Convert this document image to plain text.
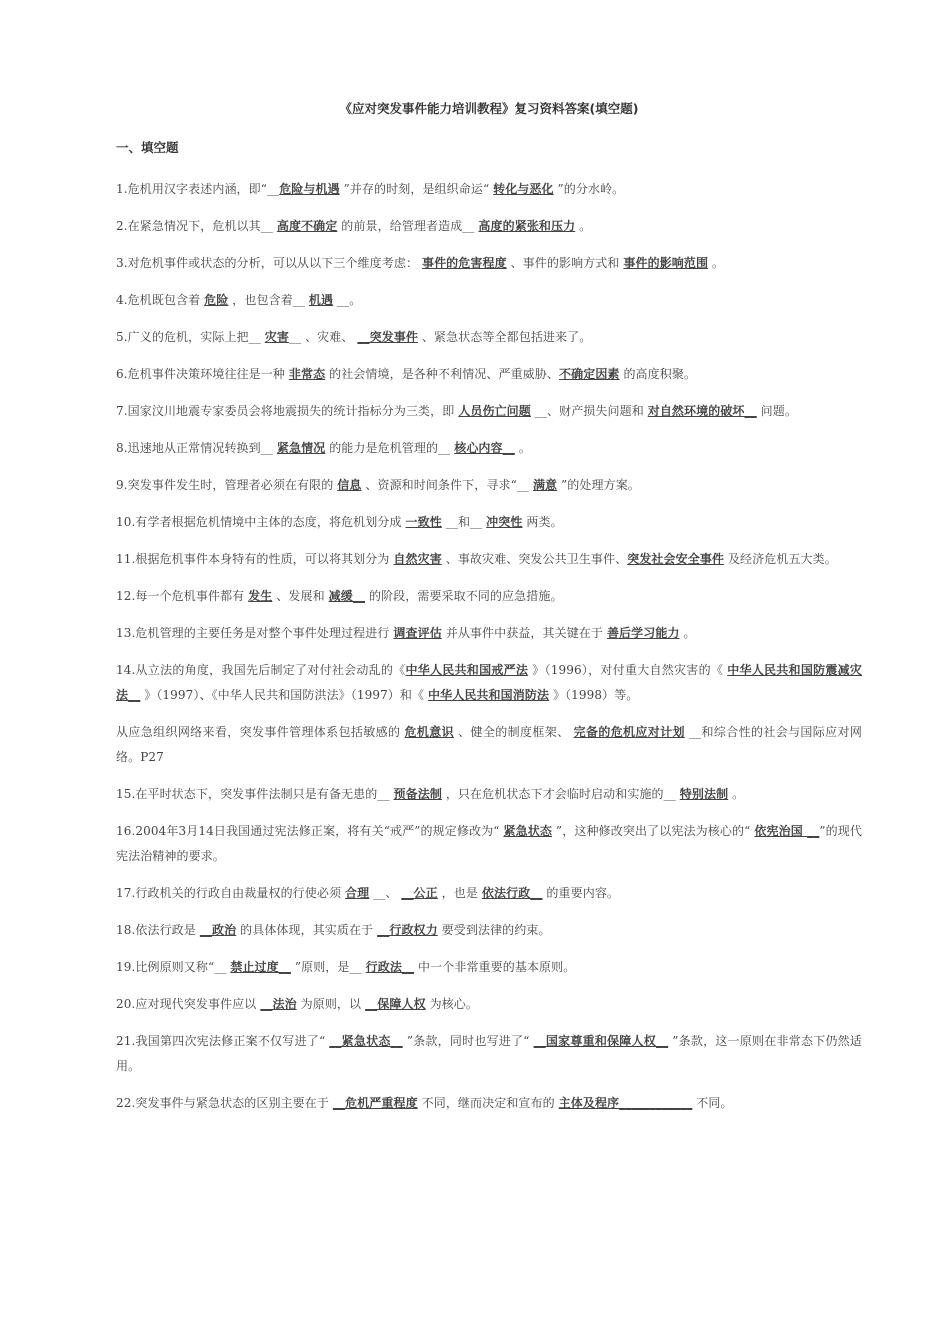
《应对突发事件能力培训教程》复习资料答案(填空题)
一、填空题
1.危机用汉字表述内涵，即“__危险与机遇 ”并存的时刻，是组织命运“ 转化与恶化 ”的分水岭。
2.在紧急情况下，危机以其__ 高度不确定 的前景，给管理者造成__ 高度的紧张和压力 。
3.对危机事件或状态的分析，可以从以下三个维度考虑： 事件的危害程度 、事件的影响方式和 事件的影响范围 。
4.危机既包含着 危险 ，也包含着__ 机遇 __。
5.广义的危机，实际上把__ 灾害__ 、灾难、 __突发事件 、紧急状态等全都包括进来了。
6.危机事件决策环境往往是一种 非常态 的社会情境，是各种不利情况、严重威胁、不确定因素 的高度积聚。
7.国家汶川地震专家委员会将地震损失的统计指标分为三类，即 人员伤亡问题 __、财产损失问题和 对自然环境的破坏__ 问题。
8.迅速地从正常情况转换到__ 紧急情况 的能力是危机管理的__ 核心内容__ 。
9.突发事件发生时，管理者必须在有限的 信息 、资源和时间条件下，寻求“__ 满意 ”的处理方案。
10.有学者根据危机情境中主体的态度，将危机划分成 一致性 __和__ 冲突性 两类。
11.根据危机事件本身特有的性质，可以将其划分为 自然灾害 、事故灾难、突发公共卫生事件、突发社会安全事件 及经济危机五大类。
12.每一个危机事件都有 发生 、发展和 减缓__ 的阶段，需要采取不同的应急措施。
13.危机管理的主要任务是对整个事件处理过程进行 调查评估 并从事件中获益，其关键在于 善后学习能力 。
14.从立法的角度，我国先后制定了对付社会动乱的《中华人民共和国戒严法 》（1996），对付重大自然灾害的《 中华人民共和国防震减灾法__ 》（1997）、《中华人民共和国防洪法》（1997）和《 中华人民共和国消防法 》（1998）等。
从应急组织网络来看，突发事件管理体系包括敏感的 危机意识 、健全的制度框架、 完备的危机应对计划 __和综合性的社会与国际应对网络。P27
15.在平时状态下，突发事件法制只是有备无患的__ 预备法制 ，只在危机状态下才会临时启动和实施的__ 特别法制 。
16.2004年3月14日我国通过宪法修正案，将有关“戒严”的规定修改为“ 紧急状态 ”，这种修改突出了以宪法为核心的“ 依宪治国 __”的现代宪法治精神的要求。
17.行政机关的行政自由裁量权的行使必须 合理 __、 __公正 ，也是 依法行政__ 的重要内容。
18.依法行政是 __政治 的具体体现，其实质在于 __行政权力 要受到法律的约束。
19.比例原则又称“__ 禁止过度__ ”原则，是__ 行政法__ 中一个非常重要的基本原则。
20.应对现代突发事件应以 __法治 为原则，以 __保障人权 为核心。
21.我国第四次宪法修正案不仅写进了“ __紧急状态__ ”条款，同时也写进了“ __国家尊重和保障人权__ ”条款，这一原则在非常态下仍然适用。
22.突发事件与紧急状态的区别主要在于 __危机严重程度 不同，继而决定和宣布的 主体及程序____________ 不同。
